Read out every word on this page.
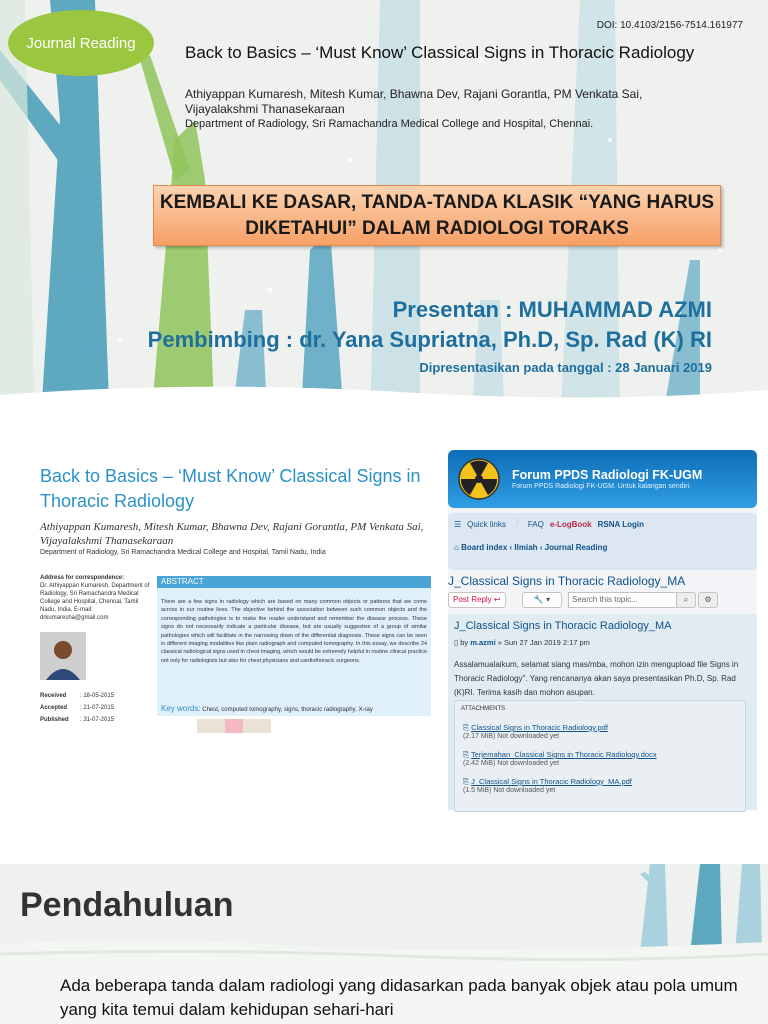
Journal Reading
DOI: 10.4103/2156-7514.161977
Back to Basics – ‘Must Know’ Classical Signs in Thoracic Radiology
Athiyappan Kumaresh, Mitesh Kumar, Bhawna Dev, Rajani Gorantla, PM Venkata Sai, Vijayalakshmi Thanasekaraan
Department of Radiology, Sri Ramachandra Medical College and Hospital, Chennai.
KEMBALI KE DASAR, TANDA-TANDA KLASIK “YANG HARUS DIKETAHUI” DALAM RADIOLOGI TORAKS
Presentan : MUHAMMAD AZMI
Pembimbing : dr. Yana Supriatna, Ph.D, Sp. Rad (K) RI
Dipresentasikan pada tanggal : 28 Januari 2019
Back to Basics – ‘Must Know’ Classical Signs in Thoracic Radiology
Athiyappan Kumaresh, Mitesh Kumar, Bhawna Dev, Rajani Gorantla, PM Venkata Sai, Vijayalakshmi Thanasekaraan
Department of Radiology, Sri Ramachandra Medical College and Hospital, Tamil Nadu, India
Address for correspondence:
Dr. Athiyappan Kumaresh, Department of Radiology, Sri Ramachandra Medical College and Hospital, Chennai, Tamil Nadu, India. E-mail: drkumaresha@gmail.com
Received : 18-05-2015
Accepted : 21-07-2015
Published : 31-07-2015
ABSTRACT
There are a few signs in radiology which are based on many common objects or patterns that we come across in our routine lives. The objective behind the association between such common objects and the corresponding pathologies is to make the reader understand and remember the disease process. These signs do not necessarily indicate a particular disease, but are usually suggestive of a group of similar pathologies which will facilitate in the narrowing down of the differential diagnosis. These signs can be seen in different imaging modalities like plain radiograph and computed tomography. In this essay, we describe 24 classical radiological signs used in chest imaging, which would be extremely helpful in routine clinical practice not only for radiologists but also for chest physicians and cardiothoracic surgeons.
Key words: Chest, computed tomography, signs, thoracic radiography, X-ray
Forum PPDS Radiologi FK-UGM
Forum PPDS Radiologi FK-UGM. Untuk kalangan sendiri.
☰ Quick links ❔ FAQ e-LogBook RSNA Login
⌂ Board index ‹ Ilmiah ‹ Journal Reading
J_Classical Signs in Thoracic Radiology_MA
Post Reply ↩	🔧 ▾	Search this topic...	⌕	⚙
J_Classical Signs in Thoracic Radiology_MA
▯ by m.azmi » Sun 27 Jan 2019 2:17 pm
Assalamualaikum, selamat siang mas/mba, mohon izin mengupload file Signs in Thoracic Radiology". Yang rencananya akan saya presentasikan Ph.D, Sp. Rad (K)RI. Terima kasih dan mohon asupan.
ATTACHMENTS
⎘ Classical Signs in Thoracic Radiology.pdf
(2.17 MiB) Not downloaded yet
⎘ Terjemahan_Classical Signs in Thoracic Radiology.docx
(2.42 MiB) Not downloaded yet
⎘ J_Classical Signs in Thoracic Radiology_MA.pdf
(1.5 MiB) Not downloaded yet
Pendahuluan
Ada beberapa tanda dalam radiologi yang didasarkan pada banyak objek atau pola umum yang kita temui dalam kehidupan sehari-hari
